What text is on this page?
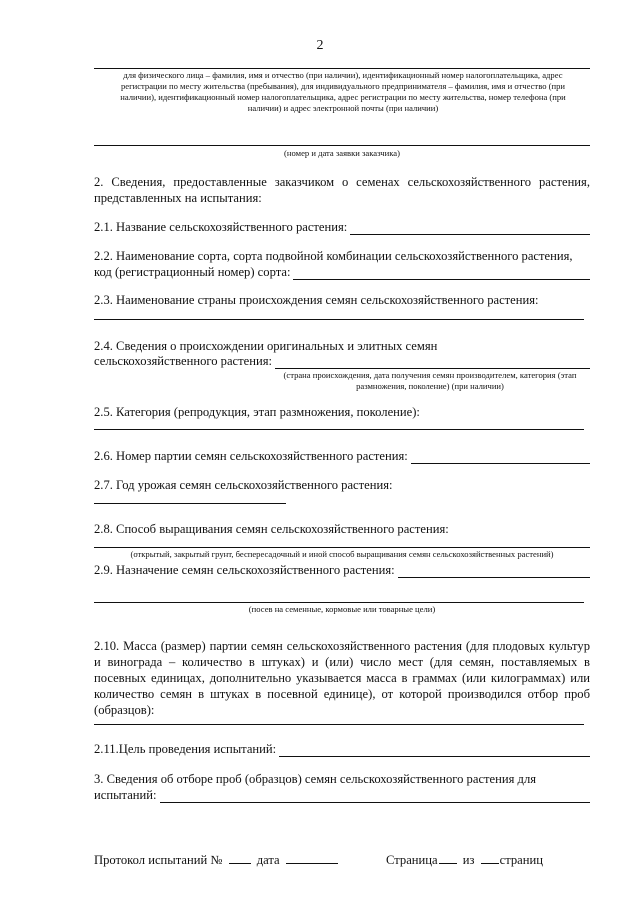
2
для физического лица – фамилия, имя и отчество (при наличии), идентификационный номер налогоплательщика, адрес регистрации по месту жительства (пребывания), для индивидуального предпринимателя – фамилия, имя и отчество (при наличии), идентификационный номер налогоплательщика, адрес регистрации по месту жительства, номер телефона (при наличии) и адрес электронной почты (при наличии)
(номер и дата заявки заказчика)
2. Сведения, предоставленные заказчиком о семенах сельскохозяйственного растения, представленных на испытания:
2.1. Название сельскохозяйственного растения:
2.2. Наименование сорта, сорта подвойной комбинации сельскохозяйственного растения,
код (регистрационный номер) сорта:
2.3. Наименование страны происхождения семян сельскохозяйственного растения:
2.4. Сведения о происхождении оригинальных и элитных семян
сельскохозяйственного растения:
(страна происхождения, дата получения семян производителем, категория (этап размножения, поколение) (при наличии)
2.5. Категория (репродукция, этап размножения, поколение):
2.6. Номер партии семян сельскохозяйственного растения:
2.7. Год урожая семян сельскохозяйственного растения:
2.8. Способ выращивания семян сельскохозяйственного растения:
(открытый, закрытый грунт, беспересадочный и иной способ выращивания семян сельскохозяйственных растений)
2.9. Назначение семян сельскохозяйственного растения:
(посев на семенные, кормовые или товарные цели)
2.10. Масса (размер) партии семян сельскохозяйственного растения (для плодовых культур и винограда – количество в штуках) и (или) число мест (для семян, поставляемых в посевных единицах, дополнительно указывается масса в граммах (или килограммах) или количество семян в штуках в посевной единице), от которой производился отбор проб (образцов):
2.11.Цель проведения испытаний:
3. Сведения об отборе проб (образцов) семян сельскохозяйственного растения для
испытаний:
Протокол испытаний №	дата	Страница из страниц
